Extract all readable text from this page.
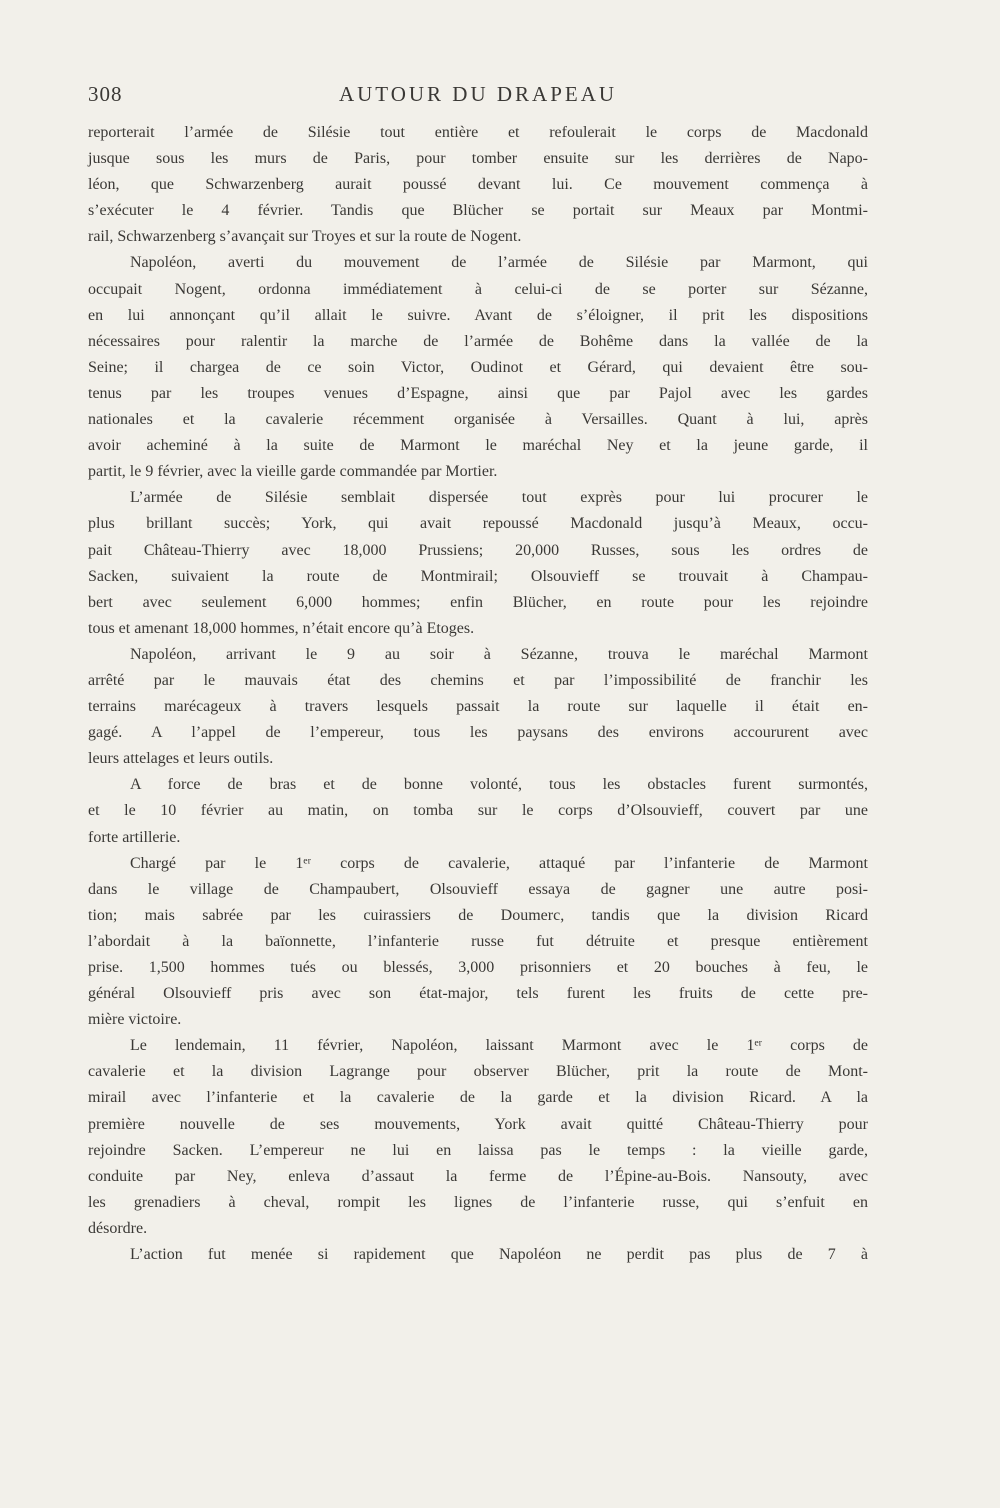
308	AUTOUR DU DRAPEAU
reporterait l’armée de Silésie tout entière et refoulerait le corps de Macdonald
jusque sous les murs de Paris, pour tomber ensuite sur les derrières de Napo-
léon, que Schwarzenberg aurait poussé devant lui. Ce mouvement commença à
s’exécuter le 4 février. Tandis que Blücher se portait sur Meaux par Montmi-
rail, Schwarzenberg s’avançait sur Troyes et sur la route de Nogent.
Napoléon, averti du mouvement de l’armée de Silésie par Marmont, qui
occupait Nogent, ordonna immédiatement à celui-ci de se porter sur Sézanne,
en lui annonçant qu’il allait le suivre. Avant de s’éloigner, il prit les dispositions
nécessaires pour ralentir la marche de l’armée de Bohême dans la vallée de la
Seine; il chargea de ce soin Victor, Oudinot et Gérard, qui devaient être sou-
tenus par les troupes venues d’Espagne, ainsi que par Pajol avec les gardes
nationales et la cavalerie récemment organisée à Versailles. Quant à lui, après
avoir acheminé à la suite de Marmont le maréchal Ney et la jeune garde, il
partit, le 9 février, avec la vieille garde commandée par Mortier.
L’armée de Silésie semblait dispersée tout exprès pour lui procurer le
plus brillant succès; York, qui avait repoussé Macdonald jusqu’à Meaux, occu-
pait Château-Thierry avec 18,000 Prussiens; 20,000 Russes, sous les ordres de
Sacken, suivaient la route de Montmirail; Olsouvieff se trouvait à Champau-
bert avec seulement 6,000 hommes; enfin Blücher, en route pour les rejoindre
tous et amenant 18,000 hommes, n’était encore qu’à Etoges.
Napoléon, arrivant le 9 au soir à Sézanne, trouva le maréchal Marmont
arrêté par le mauvais état des chemins et par l’impossibilité de franchir les
terrains marécageux à travers lesquels passait la route sur laquelle il était en-
gagé. A l’appel de l’empereur, tous les paysans des environs accoururent avec
leurs attelages et leurs outils.
A force de bras et de bonne volonté, tous les obstacles furent surmontés,
et le 10 février au matin, on tomba sur le corps d’Olsouvieff, couvert par une
forte artillerie.
Chargé par le 1ᵉʳ corps de cavalerie, attaqué par l’infanterie de Marmont
dans le village de Champaubert, Olsouvieff essaya de gagner une autre posi-
tion; mais sabrée par les cuirassiers de Doumerc, tandis que la division Ricard
l’abordait à la baïonnette, l’infanterie russe fut détruite et presque entièrement
prise. 1,500 hommes tués ou blessés, 3,000 prisonniers et 20 bouches à feu, le
général Olsouvieff pris avec son état-major, tels furent les fruits de cette pre-
mière victoire.
Le lendemain, 11 février, Napoléon, laissant Marmont avec le 1ᵉʳ corps de
cavalerie et la division Lagrange pour observer Blücher, prit la route de Mont-
mirail avec l’infanterie et la cavalerie de la garde et la division Ricard. A la
première nouvelle de ses mouvements, York avait quitté Château-Thierry pour
rejoindre Sacken. L’empereur ne lui en laissa pas le temps : la vieille garde,
conduite par Ney, enleva d’assaut la ferme de l’Épine-au-Bois. Nansouty, avec
les grenadiers à cheval, rompit les lignes de l’infanterie russe, qui s’enfuit en
désordre.
L’action fut menée si rapidement que Napoléon ne perdit pas plus de 7 à
